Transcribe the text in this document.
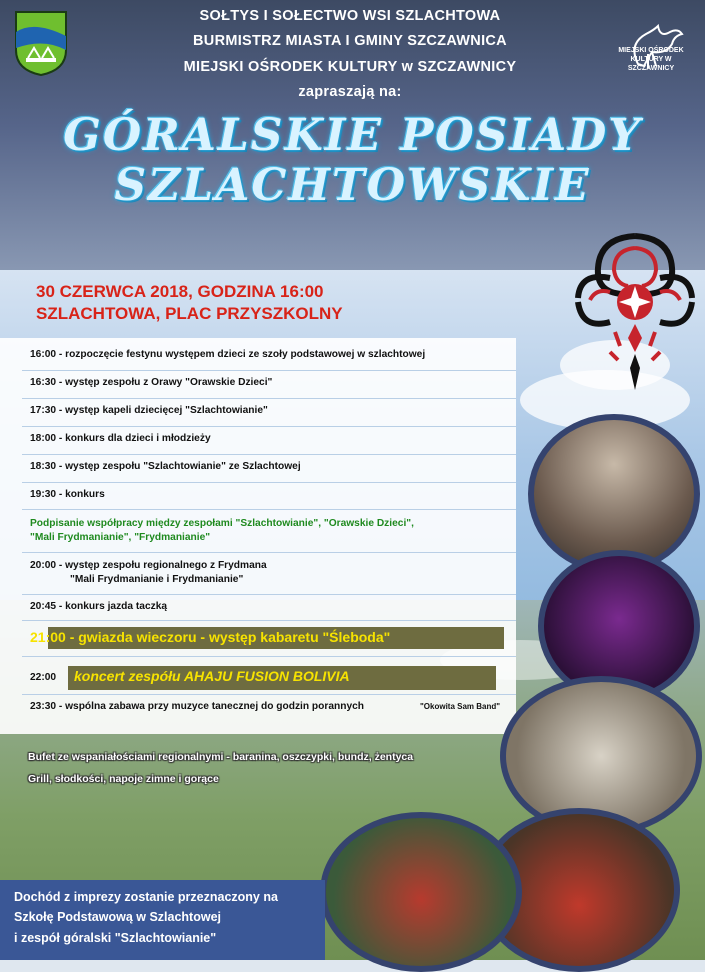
SOŁTYS I SOŁECTWO WSI SZLACHTOWA
BURMISTRZ MIASTA I GMINY SZCZAWNICA
MIEJSKI OŚRODEK KULTURY w SZCZAWNICY
zapraszają na:
MIEJSKI OŚRODEK KULTURY W SZCZAWNICY
GÓRALSKIE POSIADY
SZLACHTOWSKIE
30 CZERWCA 2018, GODZINA 16:00
SZLACHTOWA, PLAC PRZYSZKOLNY
16:00 - rozpoczęcie festynu występem dzieci ze szoły podstawowej w szlachtowej
16:30 - występ zespołu z Orawy "Orawskie Dzieci"
17:30 - występ kapeli dziecięcej "Szlachtowianie"
18:00 - konkurs dla dzieci i młodzieży
18:30 - występ zespołu "Szlachtowianie" ze Szlachtowej
19:30 - konkurs
Podpisanie współpracy między zespołami "Szlachtowianie", "Orawskie Dzieci",
"Mali Frydmanianie", "Frydmanianie"
20:00 - występ zespołu regionalnego z Frydmana
"Mali Frydmanianie i Frydmanianie"
20:45 - konkurs jazda taczką
21:00 - gwiazda wieczoru - występ kabaretu "Śleboda"
22:00 koncert zespółu AHAJU FUSION BOLIVIA
23:30 - wspólna zabawa przy muzyce tanecznej do godzin porannych	"Okowita Sam Band"
Bufet ze wspaniałościami regionalnymi - baranina, oszczypki, bundz, żentyca
Grill, słodkości, napoje zimne i gorące
Dochód z imprezy zostanie przeznaczony na
Szkołę Podstawową w Szlachtowej
i zespół góralski "Szlachtowianie"
